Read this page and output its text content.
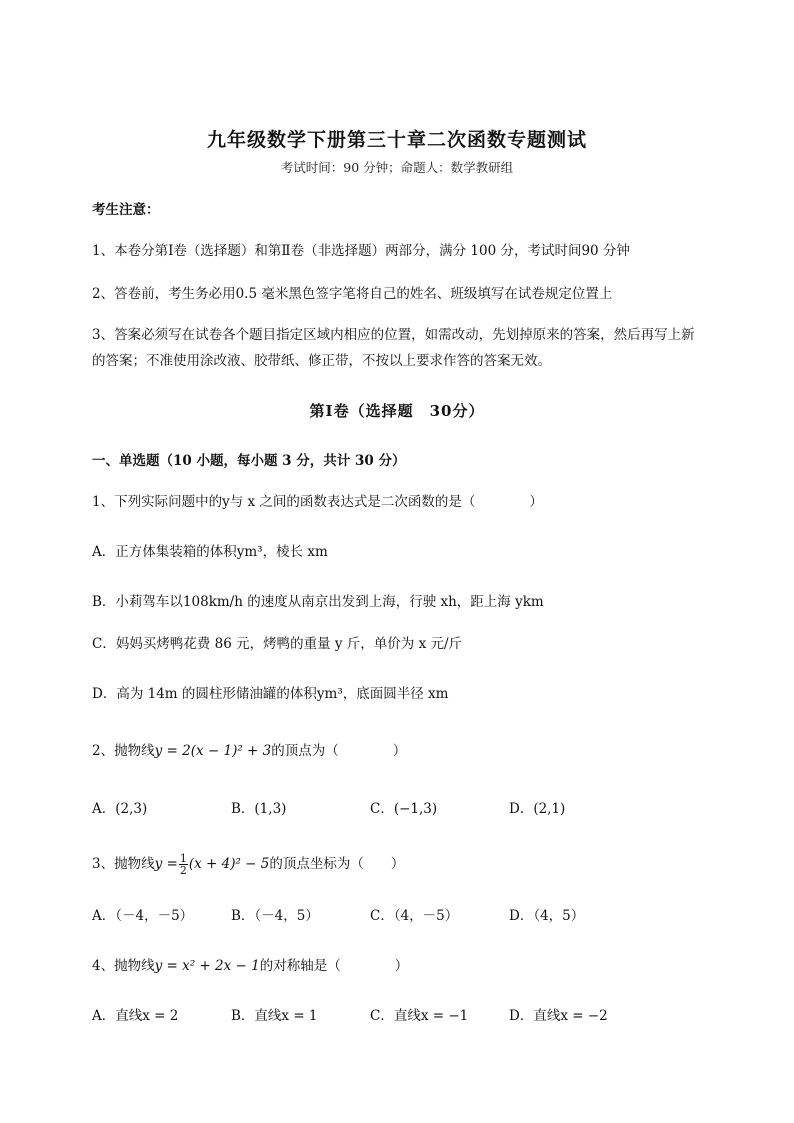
九年级数学下册第三十章二次函数专题测试
考试时间：90 分钟；命题人：数学教研组
考生注意：
1、本卷分第Ⅰ卷（选择题）和第Ⅱ卷（非选择题）两部分，满分 100 分，考试时间90 分钟
2、答卷前，考生务必用0.5 毫米黑色签字笔将自己的姓名、班级填写在试卷规定位置上
3、答案必须写在试卷各个题目指定区域内相应的位置，如需改动，先划掉原来的答案，然后再写上新
的答案；不准使用涂改液、胶带纸、修正带，不按以上要求作答的答案无效。
第Ⅰ卷（选择题　30分）
一、单选题（10 小题，每小题 3 分，共计 30 分）
1、下列实际问题中的y与 x 之间的函数表达式是二次函数的是（　　　　）
A．正方体集装箱的体积ym³，棱长 xm
B．小莉驾车以108km/h 的速度从南京出发到上海，行驶 xh，距上海 ykm
C．妈妈买烤鸭花费 86 元，烤鸭的重量 y 斤，单价为 x 元/斤
D．高为 14m 的圆柱形储油罐的体积ym³，底面圆半径 xm
2、抛物线y = 2(x − 1)² + 3的顶点为（　　　　）
A．(2,3)	B．(1,3)	C．(−1,3)	D．(2,1)
3、抛物线$y = \frac{1}{2} (x + 4)^2 - 5$的顶点坐标为（　　）
A．（－4，－5）	B．（－4，5）	C．（4，－5）	D．（4，5）
4、抛物线y = x² + 2x − 1的对称轴是（　　　　）
A．直线x = 2	B．直线x = 1	C．直线x = −1	D．直线x = −2
